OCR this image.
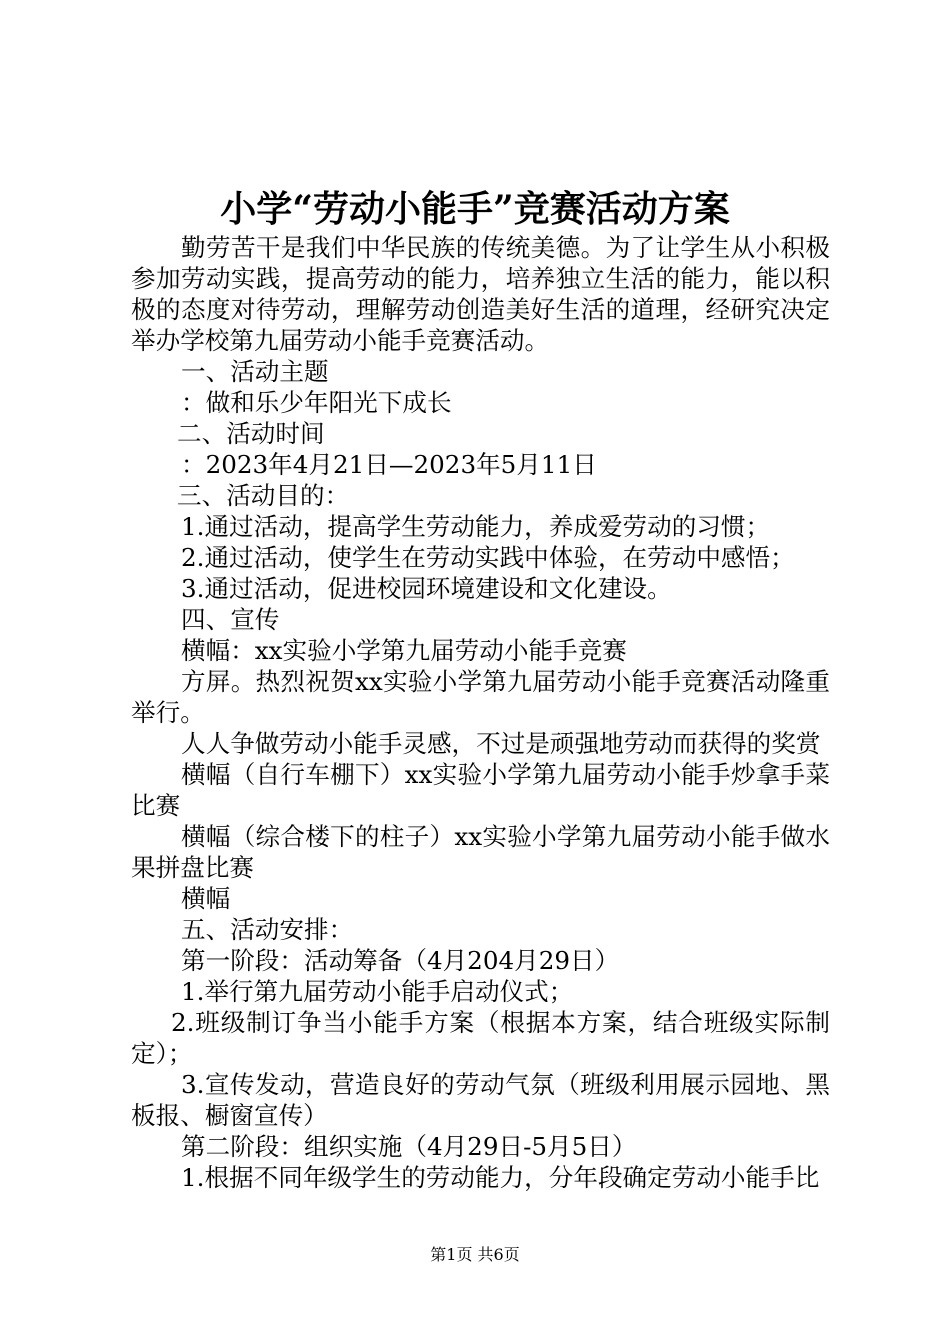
小学“劳动小能手”竞赛活动方案

勤劳苦干是我们中华民族的传统美德。为了让学生从小积极参加劳动实践，提高劳动的能力，培养独立生活的能力，能以积极的态度对待劳动，理解劳动创造美好生活的道理，经研究决定举办学校第九届劳动小能手竞赛活动。

一、活动主题

：做和乐少年阳光下成长

二、活动时间

：2023年4月21日—2023年5月11日

三、活动目的：

1.通过活动，提高学生劳动能力，养成爱劳动的习惯；

2.通过活动，使学生在劳动实践中体验，在劳动中感悟；

3.通过活动，促进校园环境建设和文化建设。

四、宣传

横幅：xx实验小学第九届劳动小能手竞赛

方屏。热烈祝贺xx实验小学第九届劳动小能手竞赛活动隆重举行。

人人争做劳动小能手灵感，不过是顽强地劳动而获得的奖赏

横幅（自行车棚下）xx实验小学第九届劳动小能手炒拿手菜比赛

横幅（综合楼下的柱子）xx实验小学第九届劳动小能手做水果拼盘比赛

横幅

五、活动安排：

第一阶段：活动筹备（4月204月29日）

1.举行第九届劳动小能手启动仪式；

2.班级制订争当小能手方案（根据本方案，结合班级实际制定）；

3.宣传发动，营造良好的劳动气氛（班级利用展示园地、黑板报、橱窗宣传）

第二阶段：组织实施（4月29日-5月5日）

1.根据不同年级学生的劳动能力，分年段确定劳动小能手比

第1页 共6页
